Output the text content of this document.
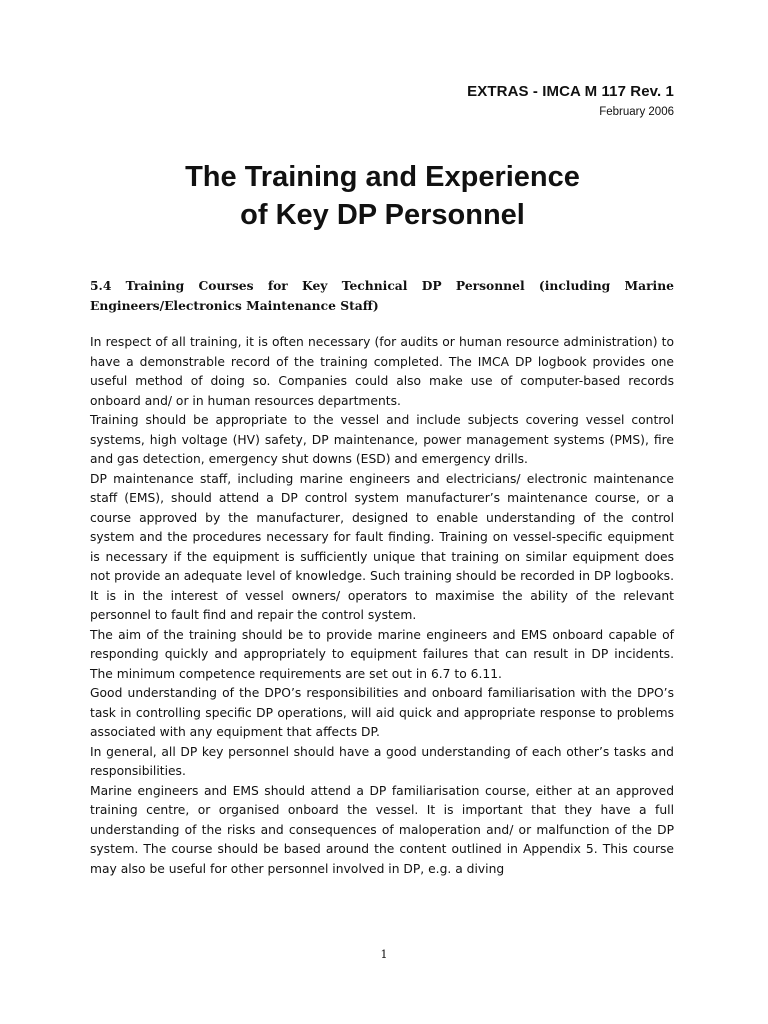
EXTRAS - IMCA M 117 Rev. 1
February 2006
The Training and Experience
of Key DP Personnel
5.4 Training Courses for Key Technical DP Personnel (including Marine Engineers/Electronics Maintenance Staff)

In respect of all training, it is often necessary (for audits or human resource administration) to have a demonstrable record of the training completed. The IMCA DP logbook provides one useful method of doing so. Companies could also make use of computer-based records onboard and/ or in human resources departments.

Training should be appropriate to the vessel and include subjects covering vessel control systems, high voltage (HV) safety, DP maintenance, power management systems (PMS), fire and gas detection, emergency shut downs (ESD) and emergency drills.

DP maintenance staff, including marine engineers and electricians/ electronic maintenance staff (EMS), should attend a DP control system manufacturer’s maintenance course, or a course approved by the manufacturer, designed to enable understanding of the control system and the procedures necessary for fault finding. Training on vessel-specific equipment is necessary if the equipment is sufficiently unique that training on similar equipment does not provide an adequate level of knowledge. Such training should be recorded in DP logbooks. It is in the interest of vessel owners/ operators to maximise the ability of the relevant personnel to fault find and repair the control system.

The aim of the training should be to provide marine engineers and EMS onboard capable of responding quickly and appropriately to equipment failures that can result in DP incidents. The minimum competence requirements are set out in 6.7 to 6.11.

Good understanding of the DPO’s responsibilities and onboard familiarisation with the DPO’s task in controlling specific DP operations, will aid quick and appropriate response to problems associated with any equipment that affects DP.

In general, all DP key personnel should have a good understanding of each other’s tasks and responsibilities.

Marine engineers and EMS should attend a DP familiarisation course, either at an approved training centre, or organised onboard the vessel. It is important that they have a full understanding of the risks and consequences of maloperation and/ or malfunction of the DP system. The course should be based around the content outlined in Appendix 5. This course may also be useful for other personnel involved in DP, e.g. a diving

1
